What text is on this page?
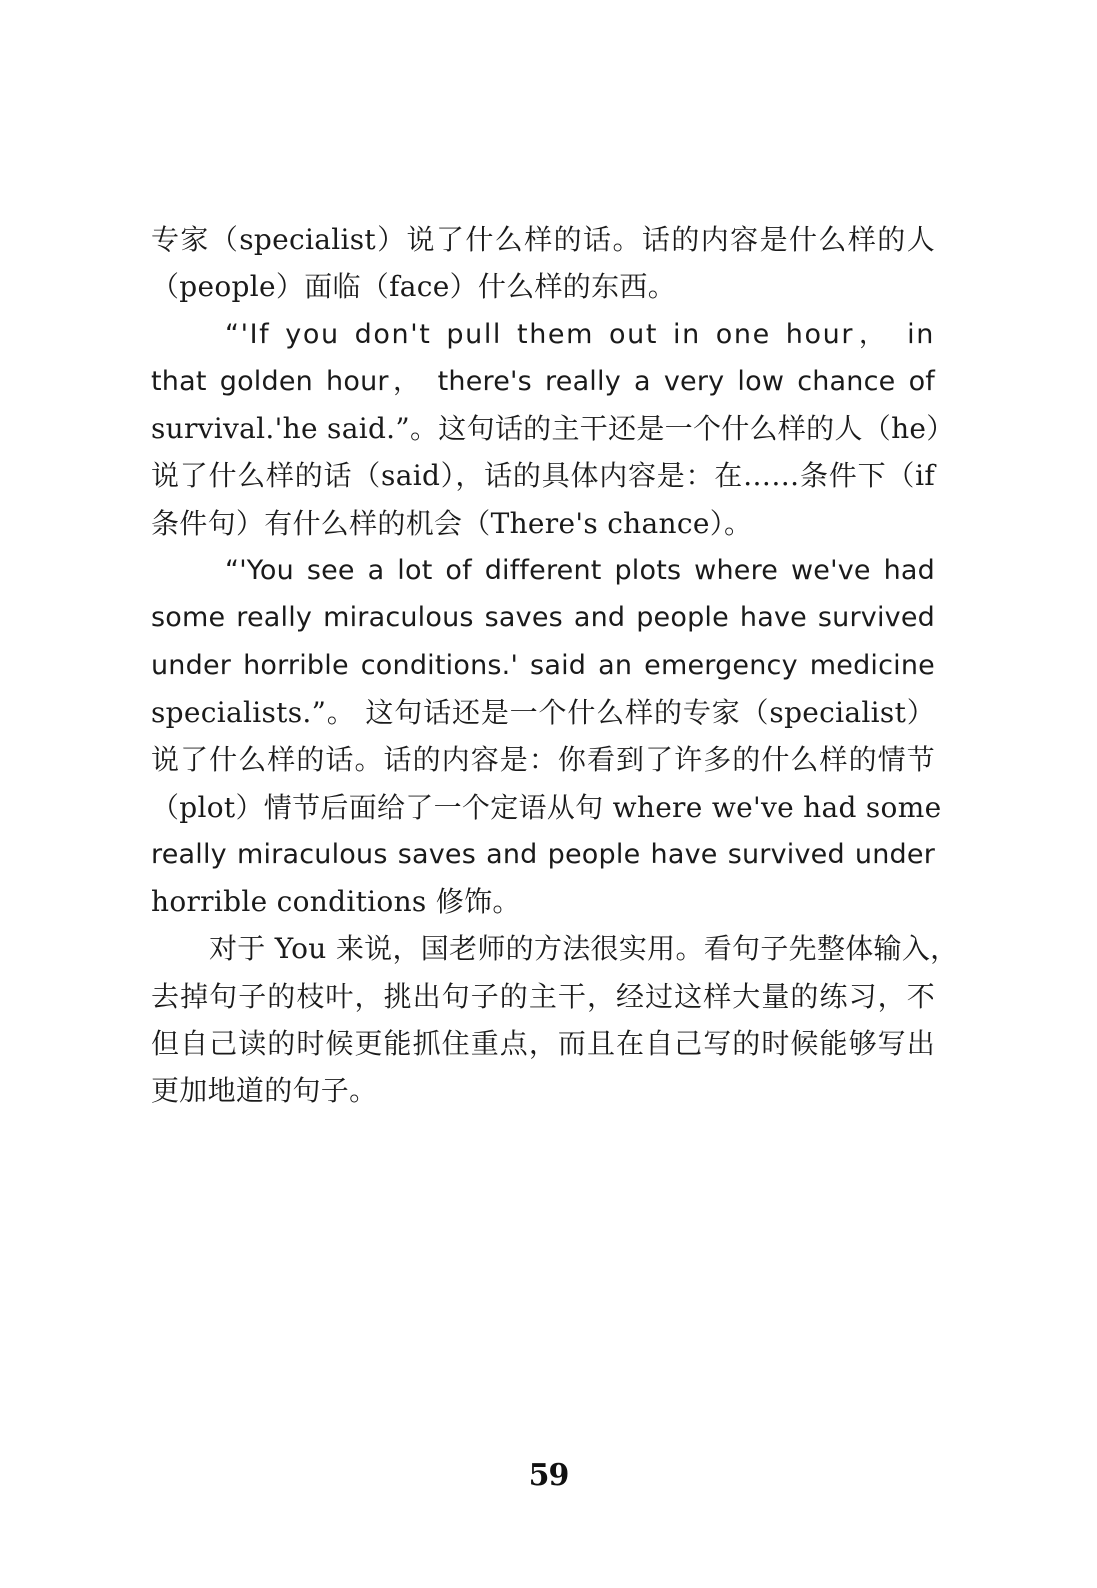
专家（specialist）说了什么样的话。话的内容是什么样的人
（people）面临（face）什么样的东西。
“'If you don't pull them out in one hour， in
that golden hour， there's really a very low chance of
survival.'he said.”。这句话的主干还是一个什么样的人（he）
说了什么样的话（said），话的具体内容是：在……条件下（if
条件句）有什么样的机会（There's chance）。
“'You see a lot of different plots where we've had
some really miraculous saves and people have survived
under horrible conditions.' said an emergency medicine
specialists.”。 这句话还是一个什么样的专家（specialist）
说了什么样的话。话的内容是：你看到了许多的什么样的情节
（plot）情节后面给了一个定语从句 where we've had some
really miraculous saves and people have survived under
horrible conditions 修饰。
对于 You 来说，国老师的方法很实用。看句子先整体输入，
去掉句子的枝叶，挑出句子的主干，经过这样大量的练习，不
但自己读的时候更能抓住重点，而且在自己写的时候能够写出
更加地道的句子。
59
